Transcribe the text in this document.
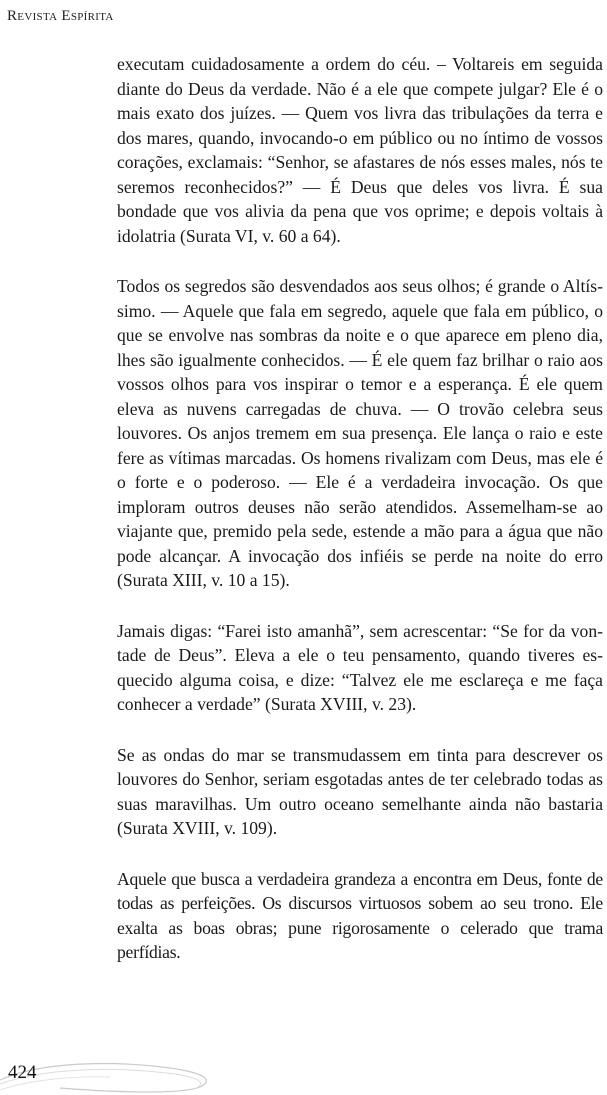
Revista Espírita

executam cuidadosamente a ordem do céu. – Voltareis em seguida diante do Deus da verdade. Não é a ele que compete julgar? Ele é o mais exato dos juízes. — Quem vos livra das tribulações da terra e dos mares, quando, invocando-o em público ou no íntimo de vossos corações, exclamais: “Senhor, se afastares de nós esses males, nós te seremos reconhecidos?” — É Deus que deles vos livra. É sua bondade que vos alivia da pena que vos oprime; e depois voltais à idolatria (Surata VI, v. 60 a 64).

Todos os segredos são desvendados aos seus olhos; é grande o Altíssimo. — Aquele que fala em segredo, aquele que fala em público, o que se envolve nas sombras da noite e o que aparece em pleno dia, lhes são igualmente conhecidos. — É ele quem faz brilhar o raio aos vossos olhos para vos inspirar o temor e a esperança. É ele quem eleva as nuvens carregadas de chuva. — O trovão celebra seus louvores. Os anjos tremem em sua presença. Ele lança o raio e este fere as vítimas marcadas. Os homens rivalizam com Deus, mas ele é o forte e o poderoso. — Ele é a verdadeira invocação. Os que imploram outros deuses não serão atendidos. Assemelham-se ao viajante que, premido pela sede, estende a mão para a água que não pode alcançar. A invocação dos infiéis se perde na noite do erro (Surata XIII, v. 10 a 15).

Jamais digas: “Farei isto amanhã”, sem acrescentar: “Se for da vontade de Deus”. Eleva a ele o teu pensamento, quando tiveres esquecido alguma coisa, e dize: “Talvez ele me esclareça e me faça conhecer a verdade” (Surata XVIII, v. 23).

Se as ondas do mar se transmudassem em tinta para descrever os louvores do Senhor, seriam esgotadas antes de ter celebrado todas as suas maravilhas. Um outro oceano semelhante ainda não bastaria (Surata XVIII, v. 109).

Aquele que busca a verdadeira grandeza a encontra em Deus, fonte de todas as perfeições. Os discursos virtuosos sobem ao seu trono. Ele exalta as boas obras; pune rigorosamente o celerado que trama perfídias.

424
